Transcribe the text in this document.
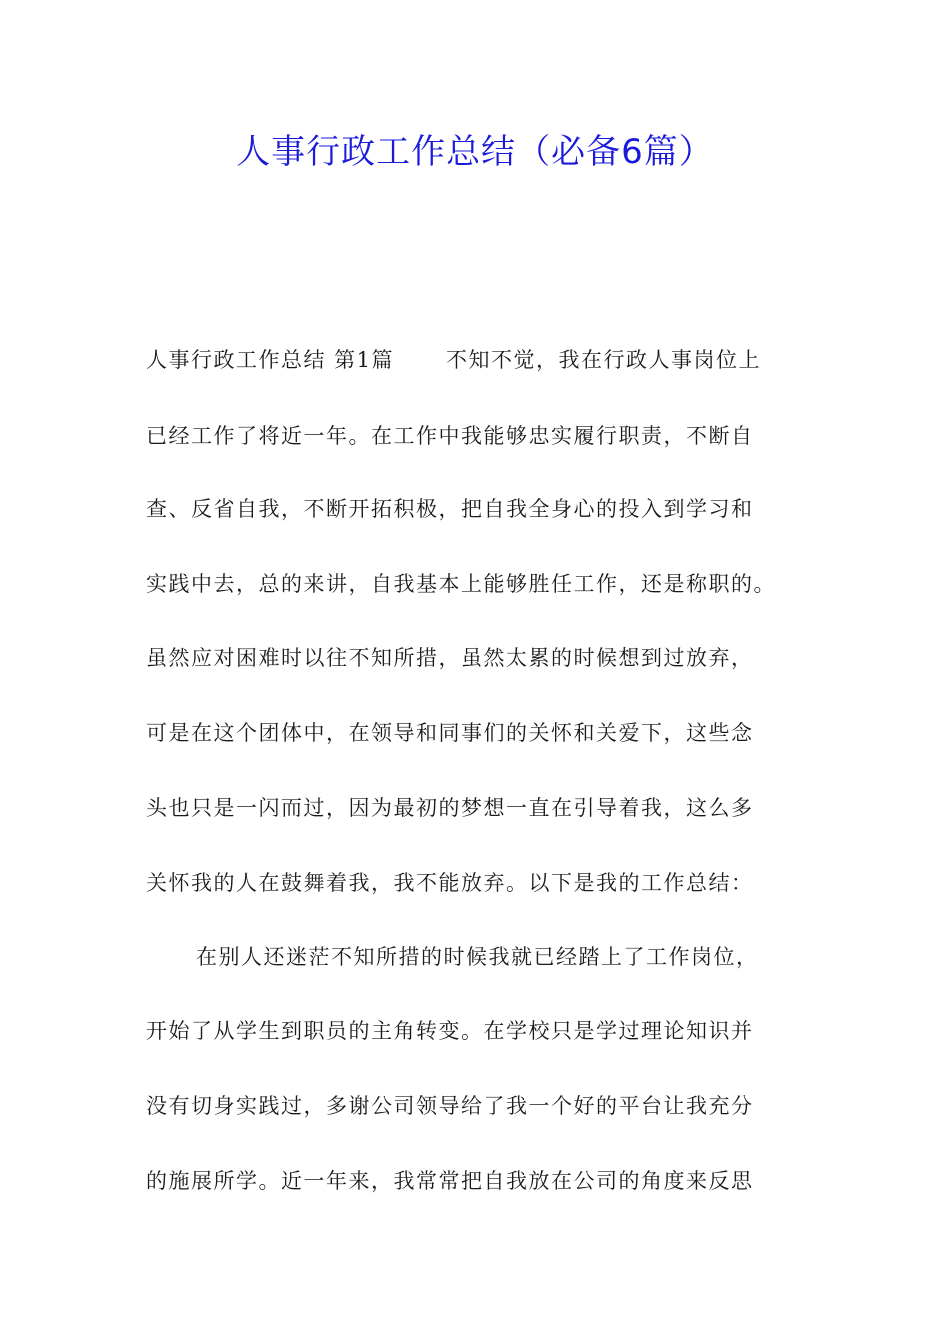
人事行政工作总结（必备6篇）
人事行政工作总结 第1篇 不知不觉，我在行政人事岗位上
已经工作了将近一年。在工作中我能够忠实履行职责，不断自
查、反省自我，不断开拓积极，把自我全身心的投入到学习和
实践中去，总的来讲，自我基本上能够胜任工作，还是称职的。
虽然应对困难时以往不知所措，虽然太累的时候想到过放弃，
可是在这个团体中，在领导和同事们的关怀和关爱下，这些念
头也只是一闪而过，因为最初的梦想一直在引导着我，这么多
关怀我的人在鼓舞着我，我不能放弃。以下是我的工作总结：
在别人还迷茫不知所措的时候我就已经踏上了工作岗位，
开始了从学生到职员的主角转变。在学校只是学过理论知识并
没有切身实践过，多谢公司领导给了我一个好的平台让我充分
的施展所学。近一年来，我常常把自我放在公司的角度来反思
